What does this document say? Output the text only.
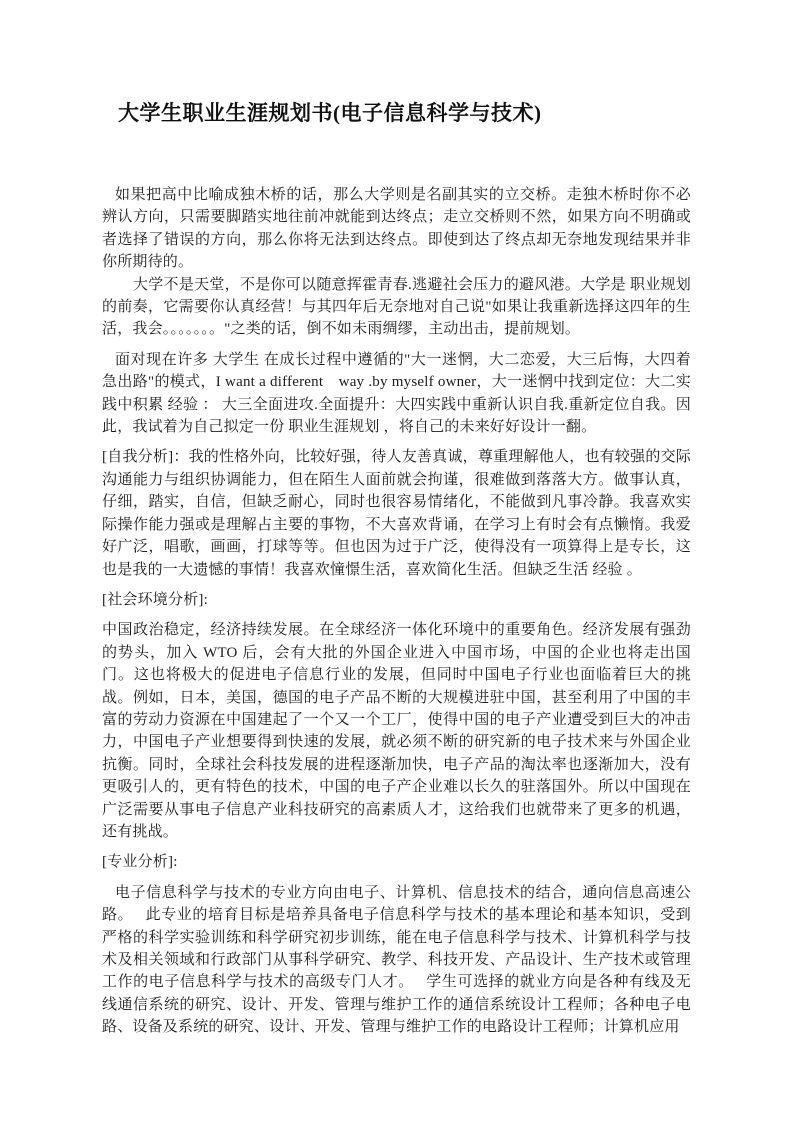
大学生职业生涯规划书(电子信息科学与技术)

如果把高中比喻成独木桥的话，那么大学则是名副其实的立交桥。走独木桥时你不必辨认方向，只需要脚踏实地往前冲就能到达终点；走立交桥则不然，如果方向不明确或者选择了错误的方向，那么你将无法到达终点。即使到达了终点却无奈地发现结果并非你所期待的。

大学不是天堂，不是你可以随意挥霍青春.逃避社会压力的避风港。大学是 职业规划 的前奏，它需要你认真经营！与其四年后无奈地对自己说"如果让我重新选择这四年的生活，我会。。。。。。。"之类的话，倒不如未雨绸缪，主动出击，提前规划。

面对现在许多 大学生 在成长过程中遵循的"大一迷惘，大二恋爱，大三后悔，大四着急出路"的模式，I want a different　way .by myself owner，大一迷惘中找到定位：大二实践中积累 经验 ： 大三全面进攻.全面提升：大四实践中重新认识自我.重新定位自我。因此，我试着为自己拟定一份 职业生涯规划 ，将自己的未来好好设计一翻。

[自我分析]：我的性格外向，比较好强，待人友善真诚，尊重理解他人，也有较强的交际沟通能力与组织协调能力，但在陌生人面前就会拘谨，很难做到落落大方。做事认真，仔细，踏实，自信，但缺乏耐心，同时也很容易情绪化，不能做到凡事冷静。我喜欢实际操作能力强或是理解占主要的事物，不大喜欢背诵，在学习上有时会有点懒惰。我爱好广泛，唱歌，画画，打球等等。但也因为过于广泛，使得没有一项算得上是专长，这也是我的一大遗憾的事情！我喜欢憧憬生活，喜欢简化生活。但缺乏生活 经验 。

[社会环境分析]:

中国政治稳定，经济持续发展。在全球经济一体化环境中的重要角色。经济发展有强劲的势头，加入 WTO 后，会有大批的外国企业进入中国市场，中国的企业也将走出国门。这也将极大的促进电子信息行业的发展，但同时中国电子行业也面临着巨大的挑战。例如，日本，美国，德国的电子产品不断的大规模进驻中国，甚至利用了中国的丰富的劳动力资源在中国建起了一个又一个工厂，使得中国的电子产业遭受到巨大的冲击力，中国电子产业想要得到快速的发展，就必须不断的研究新的电子技术来与外国企业抗衡。同时，全球社会科技发展的进程逐渐加快，电子产品的淘汰率也逐渐加大，没有更吸引人的，更有特色的技术，中国的电子产企业难以长久的驻落国外。所以中国现在广泛需要从事电子信息产业科技研究的高素质人才，这给我们也就带来了更多的机遇，还有挑战。

[专业分析]:

电子信息科学与技术的专业方向由电子、计算机、信息技术的结合，通向信息高速公路。　 此专业的培育目标是培养具备电子信息科学与技术的基本理论和基本知识，受到严格的科学实验训练和科学研究初步训练，能在电子信息科学与技术、计算机科学与技术及相关领域和行政部门从事科学研究、教学、科技开发、产品设计、生产技术或管理工作的电子信息科学与技术的高级专门人才。　 学生可选择的就业方向是各种有线及无线通信系统的研究、设计、开发、管理与维护工作的通信系统设计工程师；各种电子电路、设备及系统的研究、设计、开发、管理与维护工作的电路设计工程师；计算机应用
